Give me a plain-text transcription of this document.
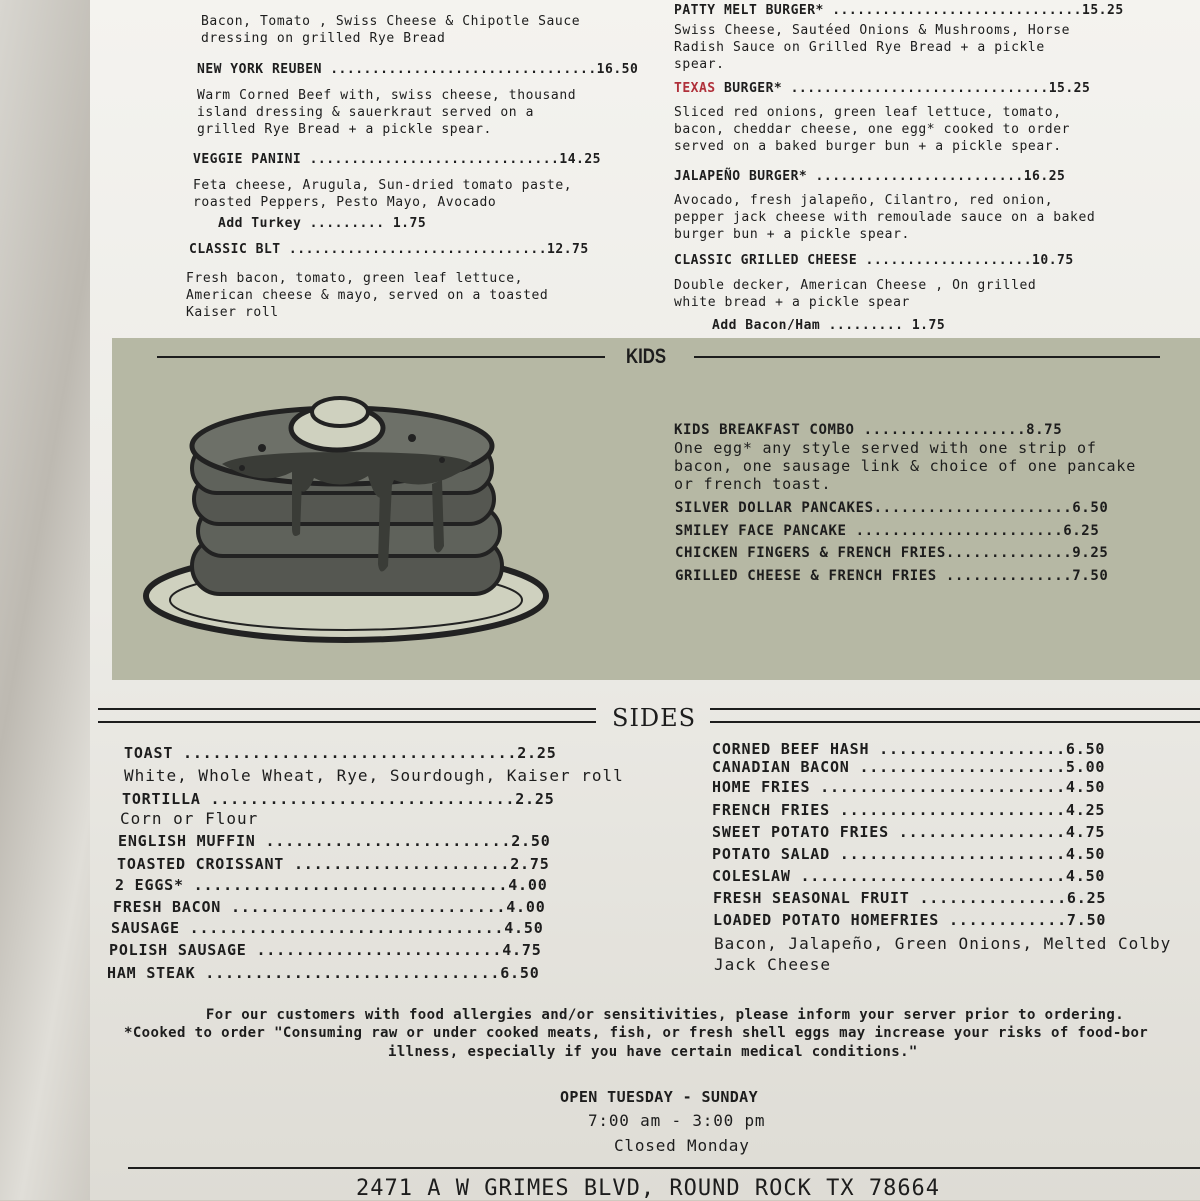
Bacon, Tomato , Swiss Cheese & Chipotle Sauce
dressing on grilled Rye Bread
NEW YORK REUBEN ................................16.50
Warm Corned Beef with, swiss cheese, thousand
island dressing & sauerkraut served on a
grilled Rye Bread + a pickle spear.
VEGGIE PANINI ..............................14.25
Feta cheese, Arugula, Sun-dried tomato paste,
roasted Peppers, Pesto Mayo, Avocado
Add Turkey ......... 1.75
CLASSIC BLT ...............................12.75
Fresh bacon, tomato, green leaf lettuce,
American cheese & mayo, served on a toasted
Kaiser roll
PATTY MELT BURGER* ..............................15.25
Swiss Cheese, Sautéed Onions & Mushrooms, Horse
Radish Sauce on Grilled Rye Bread + a pickle
spear.
TEXAS BURGER* ...............................15.25
Sliced red onions, green leaf lettuce, tomato,
bacon, cheddar cheese, one egg* cooked to order
served on a baked burger bun + a pickle spear.
JALAPEÑO BURGER* .........................16.25
Avocado, fresh jalapeño, Cilantro, red onion,
pepper jack cheese with remoulade sauce on a baked
burger bun + a pickle spear.
CLASSIC GRILLED CHEESE ....................10.75
Double decker, American Cheese , On grilled
white bread + a pickle spear
Add Bacon/Ham ......... 1.75
KIDS
KIDS BREAKFAST COMBO ..................8.75
One egg* any style served with one strip of
bacon, one sausage link & choice of one pancake
or french toast.
SILVER DOLLAR PANCAKES......................6.50
SMILEY FACE PANCAKE .......................6.25
CHICKEN FINGERS & FRENCH FRIES..............9.25
GRILLED CHEESE & FRENCH FRIES ..............7.50
SIDES
TOAST ..................................2.25
White, Whole Wheat, Rye, Sourdough, Kaiser roll
TORTILLA ...............................2.25
Corn or Flour
ENGLISH MUFFIN .........................2.50
TOASTED CROISSANT ......................2.75
2 EGGS* ................................4.00
FRESH BACON ............................4.00
SAUSAGE ................................4.50
POLISH SAUSAGE .........................4.75
HAM STEAK ..............................6.50
CORNED BEEF HASH ...................6.50
CANADIAN BACON .....................5.00
HOME FRIES .........................4.50
FRENCH FRIES .......................4.25
SWEET POTATO FRIES .................4.75
POTATO SALAD .......................4.50
COLESLAW ...........................4.50
FRESH SEASONAL FRUIT ...............6.25
LOADED POTATO HOMEFRIES ............7.50
Bacon, Jalapeño, Green Onions, Melted Colby
Jack Cheese
For our customers with food allergies and/or sensitivities, please inform your server prior to ordering.
*Cooked to order "Consuming raw or under cooked meats, fish, or fresh shell eggs may increase your risks of food-bor
illness, especially if you have certain medical conditions."
OPEN TUESDAY - SUNDAY
7:00 am - 3:00 pm
Closed Monday
2471 A W GRIMES BLVD, ROUND ROCK TX 78664
